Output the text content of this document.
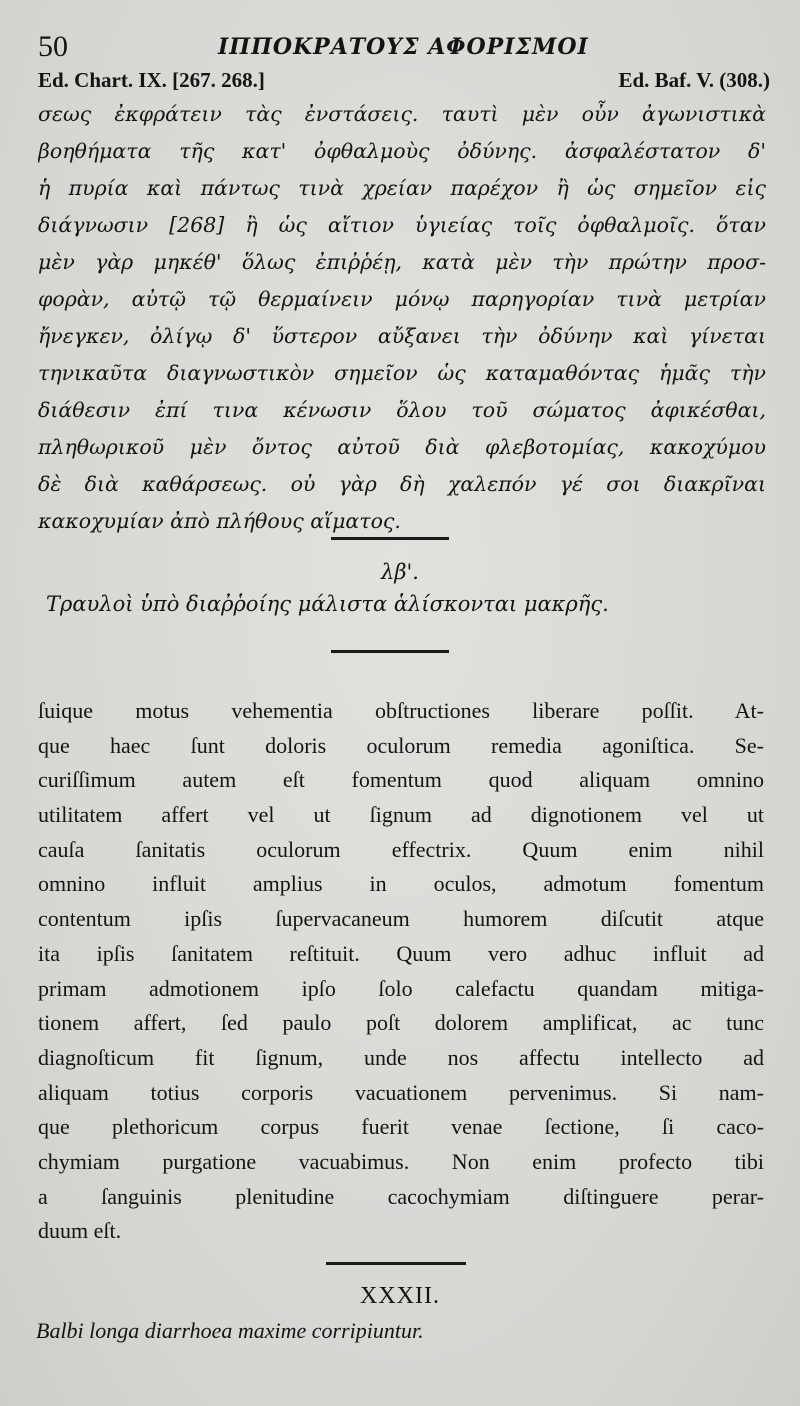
50	ΙΠΠΟΚΡΑΤΟΥΣ ΑΦΟΡΙΣΜΟΙ
Ed. Chart. IX. [267. 268.]	Ed. Baf. V. (308.)
σεως ἐκφράτειν τὰς ἐνστάσεις. ταυτὶ μὲν οὖν ἀγωνιστικὰ
βοηθήματα τῆς κατ' ὀφθαλμοὺς ὀδύνης. ἀσφαλέστατον δ'
ἡ πυρία καὶ πάντως τινὰ χρείαν παρέχον ἢ ὡς σημεῖον εἰς
διάγνωσιν [268] ἢ ὡς αἴτιον ὑγιείας τοῖς ὀφθαλμοῖς. ὅταν
μὲν γὰρ μηκέθ' ὅλως ἐπιῤῥέῃ, κατὰ μὲν τὴν πρώτην προσ-
φορὰν, αὐτῷ τῷ θερμαίνειν μόνῳ παρηγορίαν τινὰ μετρίαν
ἤνεγκεν, ὀλίγῳ δ' ὕστερον αὔξανει τὴν ὀδύνην καὶ γίνεται
τηνικαῦτα διαγνωστικὸν σημεῖον ὡς καταμαθόντας ἡμᾶς τὴν
διάθεσιν ἐπί τινα κένωσιν ὅλου τοῦ σώματος ἀφικέσθαι,
πληθωρικοῦ μὲν ὄντος αὐτοῦ διὰ φλεβοτομίας, κακοχύμου
δὲ διὰ καθάρσεως. οὐ γὰρ δὴ χαλεπόν γέ σοι διακρῖναι
κακοχυμίαν ἀπὸ πλήθους αἵματος.
λβ'.
Τραυλοὶ ὑπὸ διαῤῥοίης μάλιστα ἁλίσκονται μακρῆς.
ſuique motus vehementia obſtructiones liberare poſſit. At-
que haec ſunt doloris oculorum remedia agoniſtica. Se-
curiſſimum autem eſt fomentum quod aliquam omnino
utilitatem affert vel ut ſignum ad dignotionem vel ut
cauſa ſanitatis oculorum effectrix. Quum enim nihil
omnino influit amplius in oculos, admotum fomentum
contentum ipſis ſupervacaneum humorem diſcutit atque
ita ipſis ſanitatem reſtituit. Quum vero adhuc influit ad
primam admotionem ipſo ſolo calefactu quandam mitiga-
tionem affert, ſed paulo poſt dolorem amplificat, ac tunc
diagnoſticum fit ſignum, unde nos affectu intellecto ad
aliquam totius corporis vacuationem pervenimus. Si nam-
que plethoricum corpus fuerit venae ſectione, ſi caco-
chymiam purgatione vacuabimus. Non enim profecto tibi
a ſanguinis plenitudine cacochymiam diſtinguere perar-
duum eſt.
XXXII.
Balbi longa diarrhoea maxime corripiuntur.
